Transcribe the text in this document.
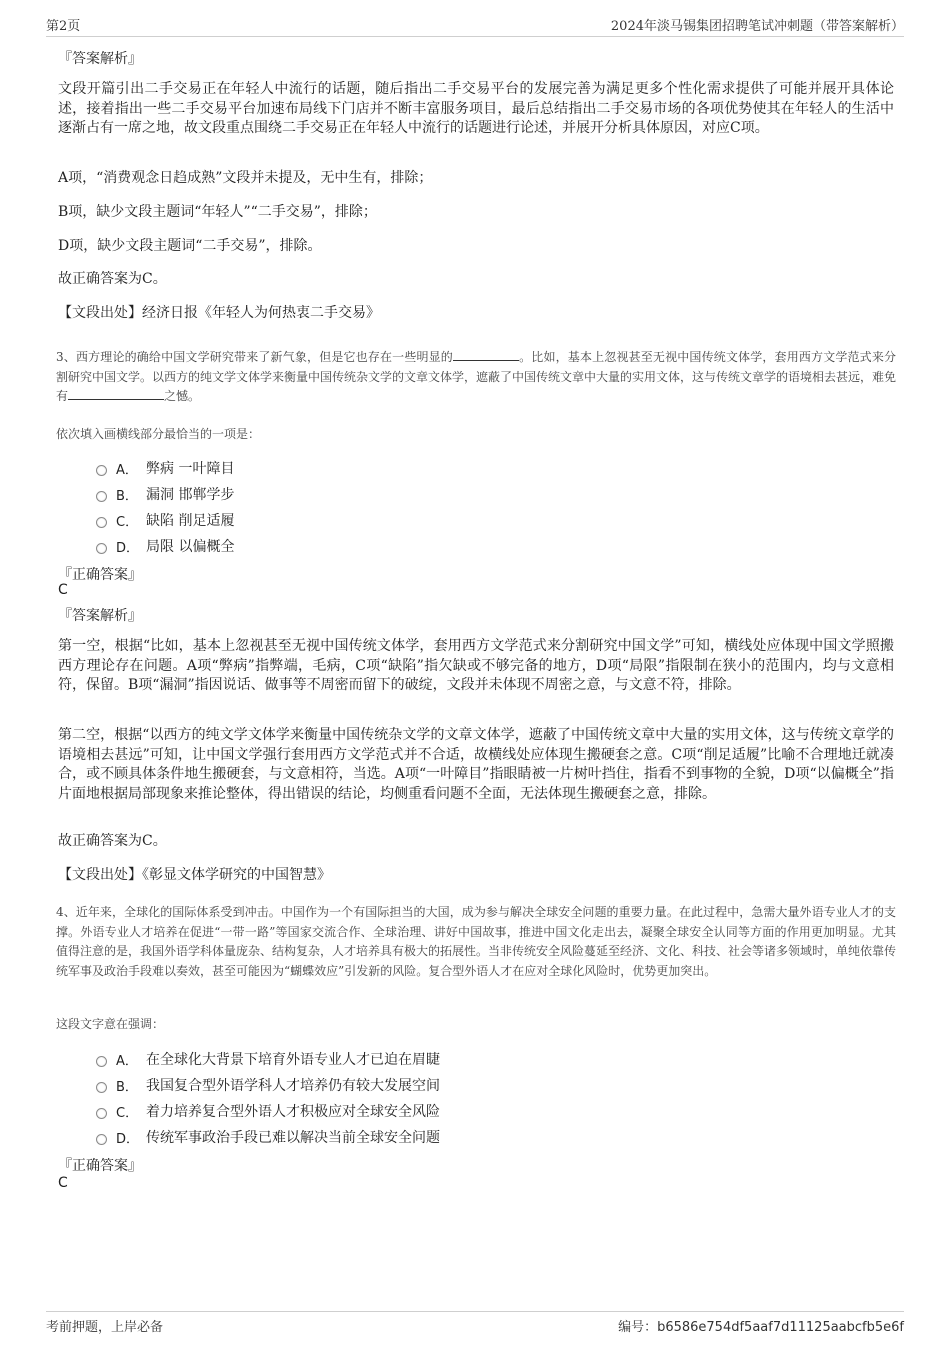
第2页	2024年淡马锡集团招聘笔试冲刺题（带答案解析）
『答案解析』
文段开篇引出二手交易正在年轻人中流行的话题，随后指出二手交易平台的发展完善为满足更多个性化需求提供了可能并展开具体论述，接着指出一些二手交易平台加速布局线下门店并不断丰富服务项目，最后总结指出二手交易市场的各项优势使其在年轻人的生活中逐渐占有一席之地，故文段重点围绕二手交易正在年轻人中流行的话题进行论述，并展开分析具体原因，对应C项。
A项，“消费观念日趋成熟”文段并未提及，无中生有，排除；
B项，缺少文段主题词“年轻人”“二手交易”，排除；
D项，缺少文段主题词“二手交易”，排除。
故正确答案为C。
【文段出处】经济日报《年轻人为何热衷二手交易》
3、西方理论的确给中国文学研究带来了新气象，但是它也存在一些明显的	。比如，基本上忽视甚至无视中国传统文体学，套用西方文学范式来分割研究中国文学。以西方的纯文学文体学来衡量中国传统杂文学的文章文体学，遮蔽了中国传统文章中大量的实用文体，这与传统文章学的语境相去甚远，难免有	之憾。
依次填入画横线部分最恰当的一项是：
A． 弊病 一叶障目
B． 漏洞 邯郸学步
C． 缺陷 削足适履
D． 局限 以偏概全
『正确答案』
C
『答案解析』
第一空，根据“比如，基本上忽视甚至无视中国传统文体学，套用西方文学范式来分割研究中国文学”可知，横线处应体现中国文学照搬西方理论存在问题。A项“弊病”指弊端，毛病，C项“缺陷”指欠缺或不够完备的地方，D项“局限”指限制在狭小的范围内，均与文意相符，保留。B项“漏洞”指因说话、做事等不周密而留下的破绽，文段并未体现不周密之意，与文意不符，排除。
第二空，根据“以西方的纯文学文体学来衡量中国传统杂文学的文章文体学，遮蔽了中国传统文章中大量的实用文体，这与传统文章学的语境相去甚远”可知，让中国文学强行套用西方文学范式并不合适，故横线处应体现生搬硬套之意。C项“削足适履”比喻不合理地迁就凑合，或不顾具体条件地生搬硬套，与文意相符，当选。A项“一叶障目”指眼睛被一片树叶挡住，指看不到事物的全貌，D项“以偏概全”指片面地根据局部现象来推论整体，得出错误的结论，均侧重看问题不全面，无法体现生搬硬套之意，排除。
故正确答案为C。
【文段出处】《彰显文体学研究的中国智慧》
4、近年来，全球化的国际体系受到冲击。中国作为一个有国际担当的大国，成为参与解决全球安全问题的重要力量。在此过程中，急需大量外语专业人才的支撑。外语专业人才培养在促进“一带一路”等国家交流合作、全球治理、讲好中国故事，推进中国文化走出去，凝聚全球安全认同等方面的作用更加明显。尤其值得注意的是，我国外语学科体量庞杂、结构复杂，人才培养具有极大的拓展性。当非传统安全风险蔓延至经济、文化、科技、社会等诸多领域时，单纯依靠传统军事及政治手段难以奏效，甚至可能因为“蝴蝶效应”引发新的风险。复合型外语人才在应对全球化风险时，优势更加突出。
这段文字意在强调：
A． 在全球化大背景下培育外语专业人才已迫在眉睫
B． 我国复合型外语学科人才培养仍有较大发展空间
C． 着力培养复合型外语人才积极应对全球安全风险
D． 传统军事政治手段已难以解决当前全球安全问题
『正确答案』
C
考前押题，上岸必备	编号：b6586e754df5aaf7d11125aabcfb5e6f
